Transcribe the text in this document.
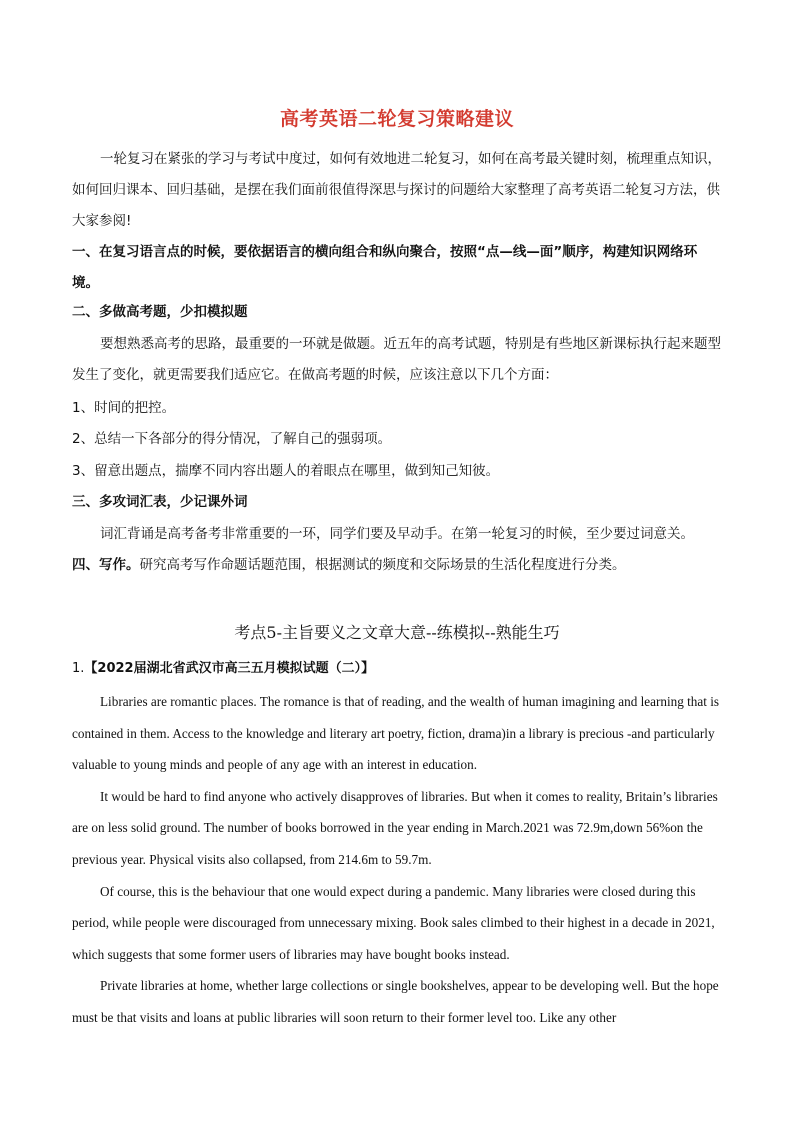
高考英语二轮复习策略建议
一轮复习在紧张的学习与考试中度过，如何有效地进二轮复习，如何在高考最关键时刻，梳理重点知识，如何回归课本、回归基础，是摆在我们面前很值得深思与探讨的问题给大家整理了高考英语二轮复习方法，供大家参阅!
一、在复习语言点的时候，要依据语言的横向组合和纵向聚合，按照“点—线—面”顺序，构建知识网络环境。
二、多做高考题，少扣模拟题
要想熟悉高考的思路，最重要的一环就是做题。近五年的高考试题，特别是有些地区新课标执行起来题型发生了变化，就更需要我们适应它。在做高考题的时候，应该注意以下几个方面：
1、时间的把控。
2、总结一下各部分的得分情况，了解自己的强弱项。
3、留意出题点，揣摩不同内容出题人的着眼点在哪里，做到知己知彼。
三、多攻词汇表，少记课外词
词汇背诵是高考备考非常重要的一环，同学们要及早动手。在第一轮复习的时候，至少要过词意关。
四、写作。研究高考写作命题话题范围，根据测试的频度和交际场景的生活化程度进行分类。
考点5-主旨要义之文章大意--练模拟--熟能生巧
1.【2022届湖北省武汉市高三五月模拟试题（二）】

Libraries are romantic places. The romance is that of reading, and the wealth of human imagining and learning that is contained in them. Access to the knowledge and literary art poetry, fiction, drama)in a library is precious -and particularly valuable to young minds and people of any age with an interest in education.

It would be hard to find anyone who actively disapproves of libraries. But when it comes to reality, Britain’s libraries are on less solid ground. The number of books borrowed in the year ending in March.2021 was 72.9m,down 56%on the previous year. Physical visits also collapsed, from 214.6m to 59.7m.

Of course, this is the behaviour that one would expect during a pandemic. Many libraries were closed during this period, while people were discouraged from unnecessary mixing. Book sales climbed to their highest in a decade in 2021, which suggests that some former users of libraries may have bought books instead.

Private libraries at home, whether large collections or single bookshelves, appear to be developing well. But the hope must be that visits and loans at public libraries will soon return to their former level too. Like any other
